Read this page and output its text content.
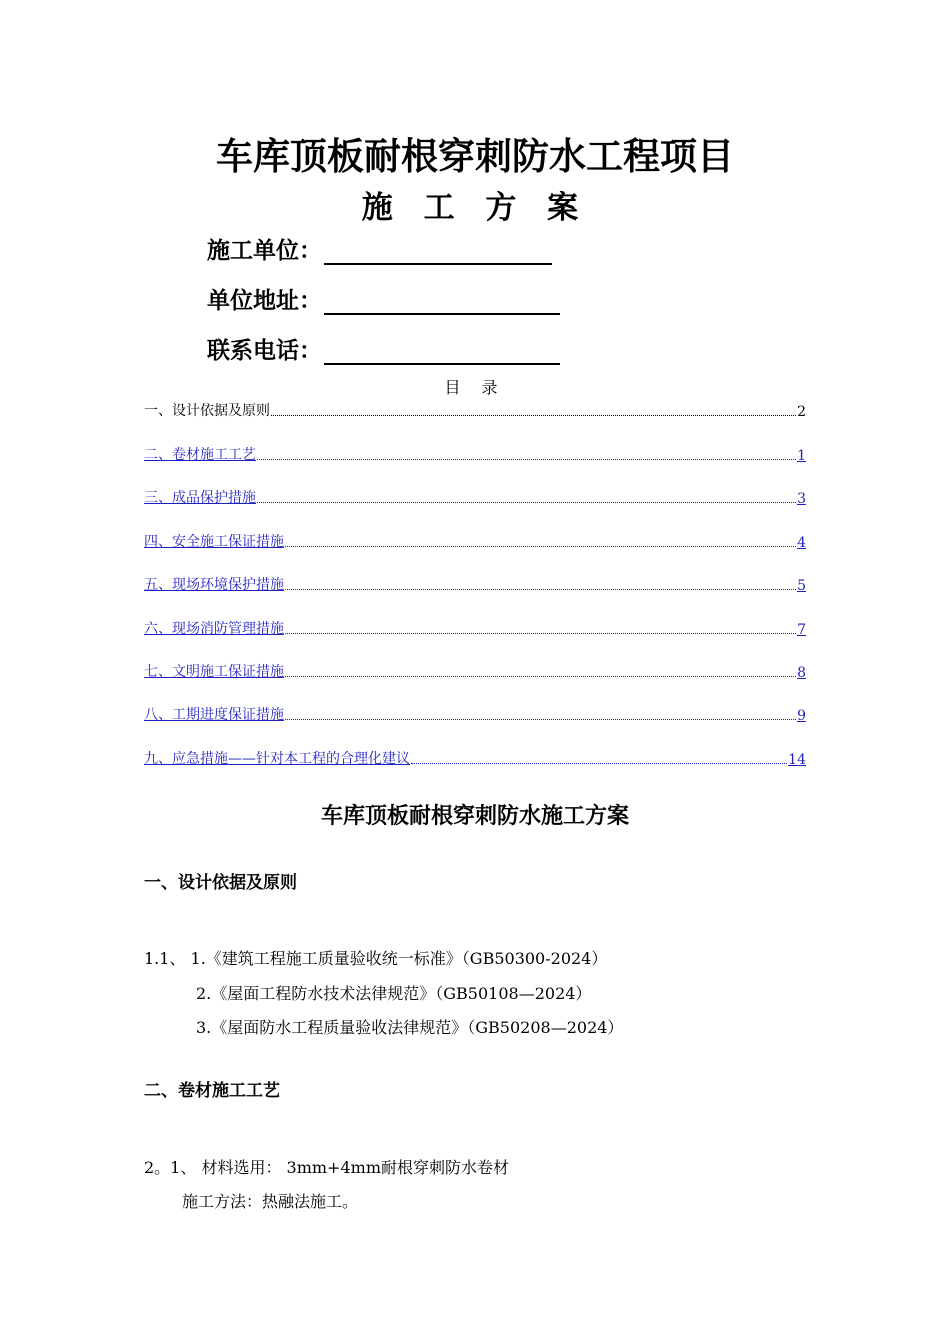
车库顶板耐根穿刺防水工程项目
施 工 方 案
施工单位：
单位地址：
联系电话：
目 录
一、设计依据及原则	2
二、卷材施工工艺	1
三、成品保护措施	3
四、安全施工保证措施	4
五、现场环境保护措施	5
六、现场消防管理措施	7
七、文明施工保证措施	8
八、工期进度保证措施	9
九、应急措施——针对本工程的合理化建议	14
车库顶板耐根穿刺防水施工方案
一、设计依据及原则
1.1、 1.《建筑工程施工质量验收统一标准》（GB50300-2024）
2.《屋面工程防水技术法律规范》（GB50108—2024）
3.《屋面防水工程质量验收法律规范》（GB50208—2024）
二、卷材施工工艺
2。1、 材料选用： 3mm+4mm耐根穿刺防水卷材
施工方法：热融法施工。
